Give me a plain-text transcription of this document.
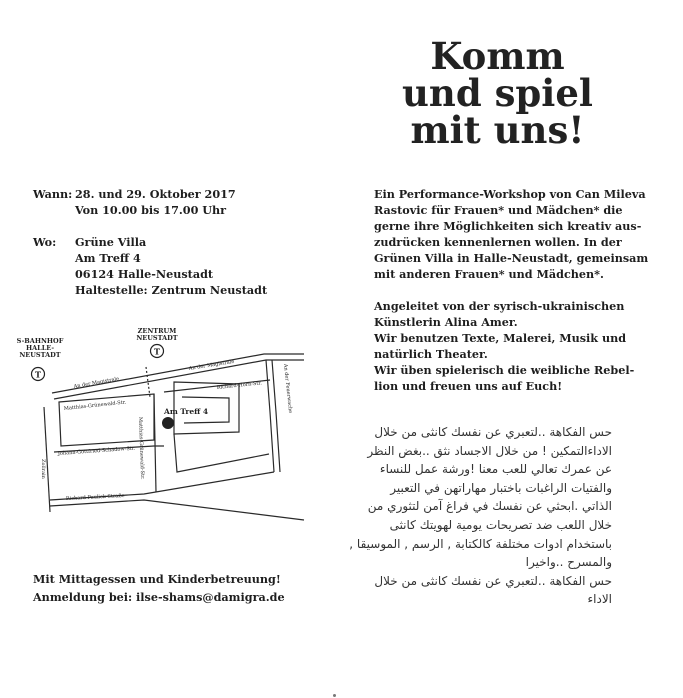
Komm
und spiel
mit uns!
Wann: 28. und 29. Oktober 2017
Von 10.00 bis 17.00 Uhr
Wo: Grüne Villa
Am Treff 4
06124 Halle-Neustadt
Haltestelle: Zentrum Neustadt
Ein Performance-Workshop von Can Mileva
Rastovic für Frauen* und Mädchen* die
gerne ihre Möglichkeiten sich kreativ aus-
zudrücken kennenlernen wollen. In der
Grünen Villa in Halle-Neustadt, gemeinsam
mit anderen Frauen* und Mädchen*.
Angeleitet von der syrisch-ukrainischen
Künstlerin Alina Amer.
Wir benutzen Texte, Malerei, Musik und
natürlich Theater.
Wir üben spielerisch die weibliche Rebel-
lion und freuen uns auf Euch!
حس الفكاهة ..لتعبري عن نفسك كانثى من خلال
الاداءالتمكين ! من خلال الاجساد نثق ..بغض النظر
عن عمرك تعالي للعب معنا !ورشة عمل للنساء
والفتيات الراغبات باختبار مهاراتهن في التعبير
الذاتي .ابحثي عن نفسك في فراغ آمن لتثوري من
خلال اللعب ضد تصريحات يومية لهويتك كانثى
باستخدام ادوات مختلفة كالكتابة , الرسم , الموسيقا ,
والمسرح ..واخيرا
حس الفكاهة ..لتعبري عن نفسك كانثى من خلال
الاداء
Mit Mittagessen und Kinderbetreuung!
Anmeldung bei: ilse-shams@damigra.de
T
T
S-BAHNHOF
HALLE-
NEUSTADT
ZENTRUM
NEUSTADT
An der Magistrale
An der Magistrale	An der Feuerwache
Richard-Horn-Str.
Matthias-Grünewald-Str.
Matthias-Grünewald-Str.
Johann-Gottfried-Schadow-Str.
Zollrain
Richard-Paulick-Straße
Am Treff 4
